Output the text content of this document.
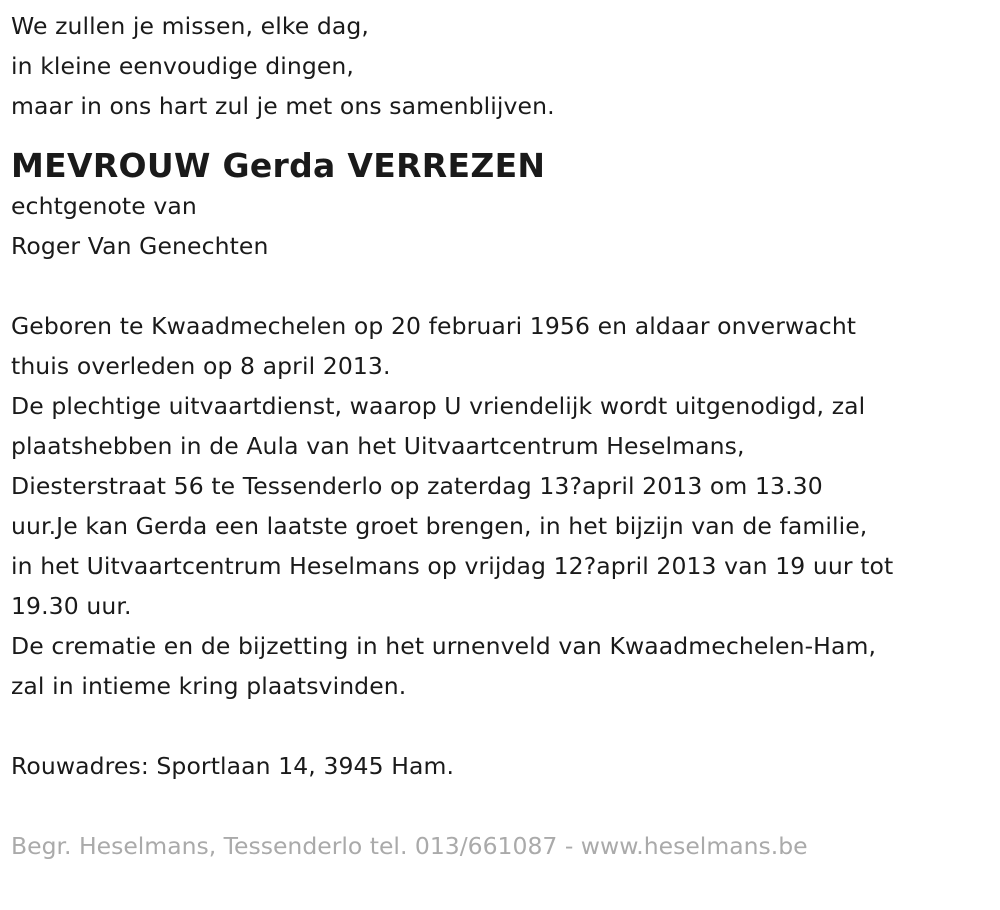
We zullen je missen, elke dag,
in kleine eenvoudige dingen,
maar in ons hart zul je met ons samenblijven.
MEVROUW Gerda VERREZEN
echtgenote van
Roger Van Genechten
Geboren te Kwaadmechelen op 20 februari 1956 en aldaar onverwacht
thuis overleden op 8 april 2013.
De plechtige uitvaartdienst, waarop U vriendelijk wordt uitgenodigd, zal
plaatshebben in de Aula van het Uitvaartcentrum Heselmans,
Diesterstraat 56 te Tessenderlo op zaterdag 13?april 2013 om 13.30
uur.Je kan Gerda een laatste groet brengen, in het bijzijn van de familie,
in het Uitvaartcentrum Heselmans op vrijdag 12?april 2013 van 19 uur tot
19.30 uur.
De crematie en de bijzetting in het urnenveld van Kwaadmechelen-Ham,
zal in intieme kring plaatsvinden.
Rouwadres: Sportlaan 14, 3945 Ham.
Begr. Heselmans, Tessenderlo tel. 013/661087 - www.heselmans.be
